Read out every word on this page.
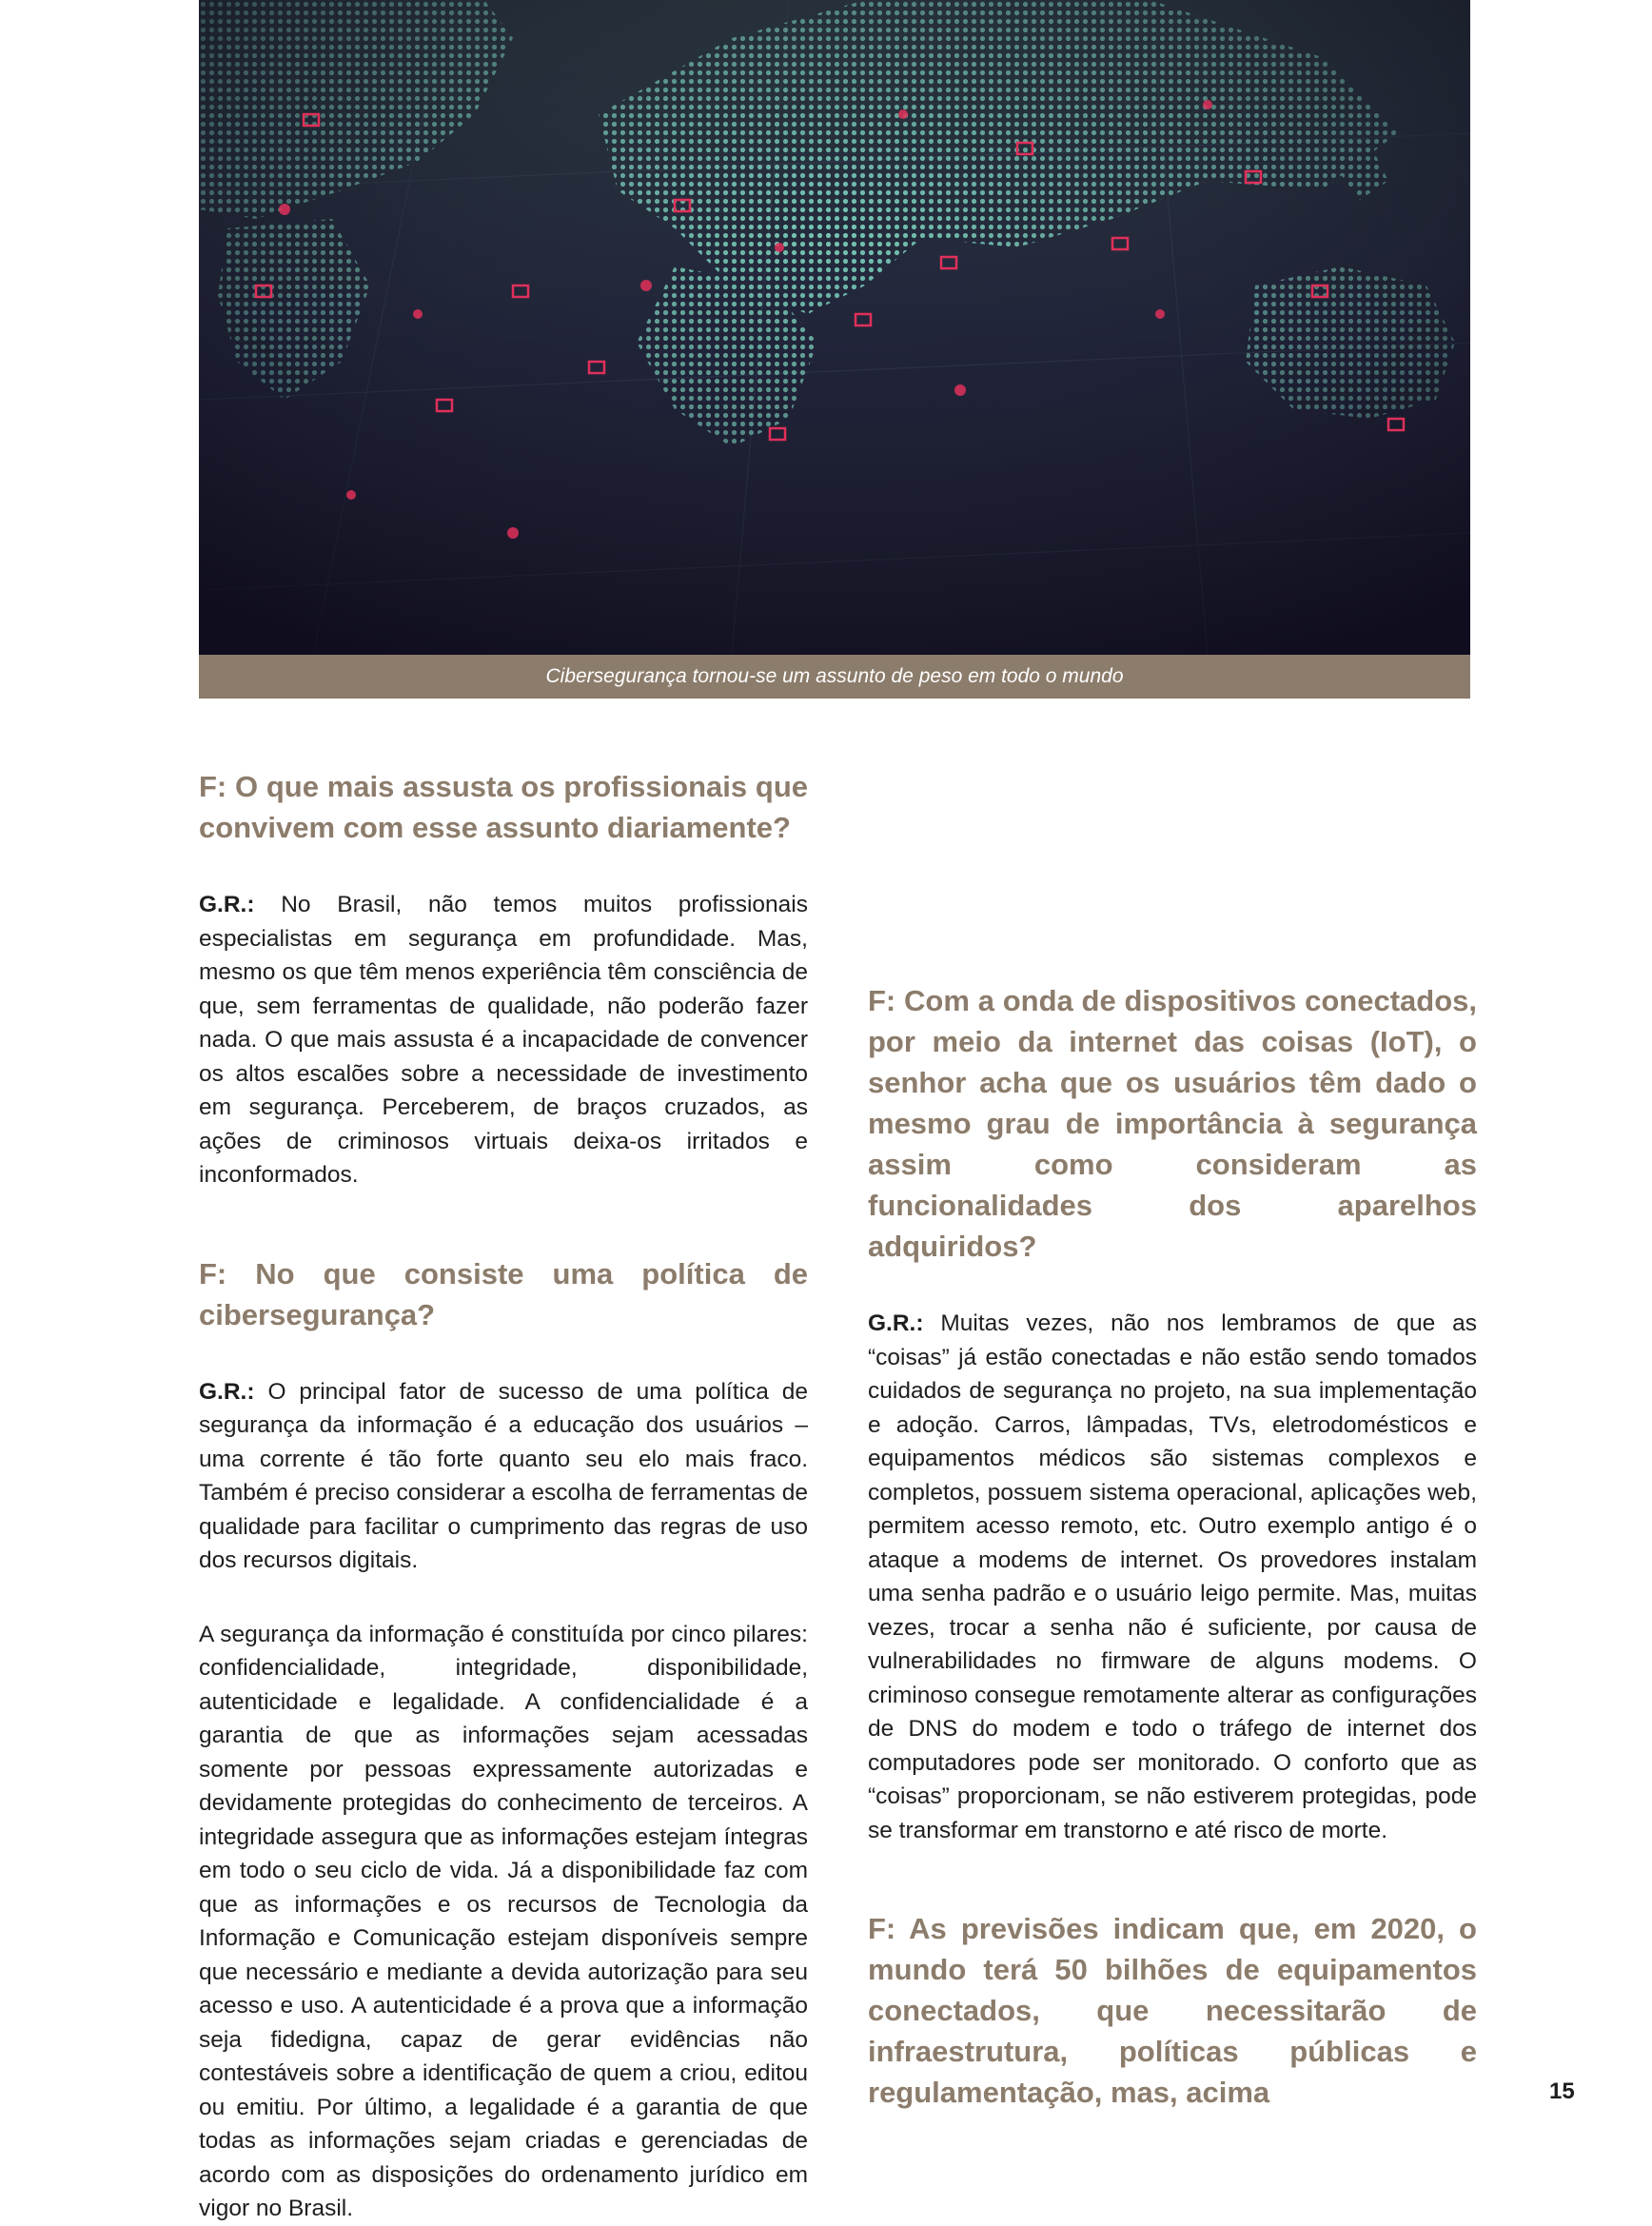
Cibersegurança tornou-se um assunto de peso em todo o mundo
F: O que mais assusta os profissionais que convivem com esse assunto diariamente?

G.R.: No Brasil, não temos muitos profissionais especialistas em segurança em profundidade. Mas, mesmo os que têm menos experiência têm consciência de que, sem ferramentas de qualidade, não poderão fazer nada. O que mais assusta é a incapacidade de convencer os altos escalões sobre a necessidade de investimento em segurança. Perceberem, de braços cruzados, as ações de criminosos virtuais deixa-os irritados e inconformados.

F: No que consiste uma política de cibersegurança?

G.R.: O principal fator de sucesso de uma política de segurança da informação é a educação dos usuários – uma corrente é tão forte quanto seu elo mais fraco. Também é preciso considerar a escolha de ferramentas de qualidade para facilitar o cumprimento das regras de uso dos recursos digitais.

A segurança da informação é constituída por cinco pilares: confidencialidade, integridade, disponibilidade, autenticidade e legalidade. A confidencialidade é a garantia de que as informações sejam acessadas somente por pessoas expressamente autorizadas e devidamente protegidas do conhecimento de terceiros. A integridade assegura que as informações estejam íntegras em todo o seu ciclo de vida. Já a disponibilidade faz com que as informações e os recursos de Tecnologia da Informação e Comunicação estejam disponíveis sempre que necessário e mediante a devida autorização para seu acesso e uso. A autenticidade é a prova que a informação seja fidedigna, capaz de gerar evidências não contestáveis sobre a identificação de quem a criou, editou ou emitiu. Por último, a legalidade é a garantia de que todas as informações sejam criadas e gerenciadas de acordo com as disposições do ordenamento jurídico em vigor no Brasil.

F: Com a onda de dispositivos conectados, por meio da internet das coisas (IoT), o senhor acha que os usuários têm dado o mesmo grau de importância à segurança assim como consideram as funcionalidades dos aparelhos adquiridos?

G.R.: Muitas vezes, não nos lembramos de que as “coisas” já estão conectadas e não estão sendo tomados cuidados de segurança no projeto, na sua implementação e adoção. Carros, lâmpadas, TVs, eletrodomésticos e equipamentos médicos são sistemas complexos e completos, possuem sistema operacional, aplicações web, permitem acesso remoto, etc. Outro exemplo antigo é o ataque a modems de internet. Os provedores instalam uma senha padrão e o usuário leigo permite. Mas, muitas vezes, trocar a senha não é suficiente, por causa de vulnerabilidades no firmware de alguns modems. O criminoso consegue remotamente alterar as configurações de DNS do modem e todo o tráfego de internet dos computadores pode ser monitorado. O conforto que as “coisas” proporcionam, se não estiverem protegidas, pode se transformar em transtorno e até risco de morte.

F: As previsões indicam que, em 2020, o mundo terá 50 bilhões de equipamentos conectados, que necessitarão de infraestrutura, políticas públicas e regulamentação, mas, acima	15
